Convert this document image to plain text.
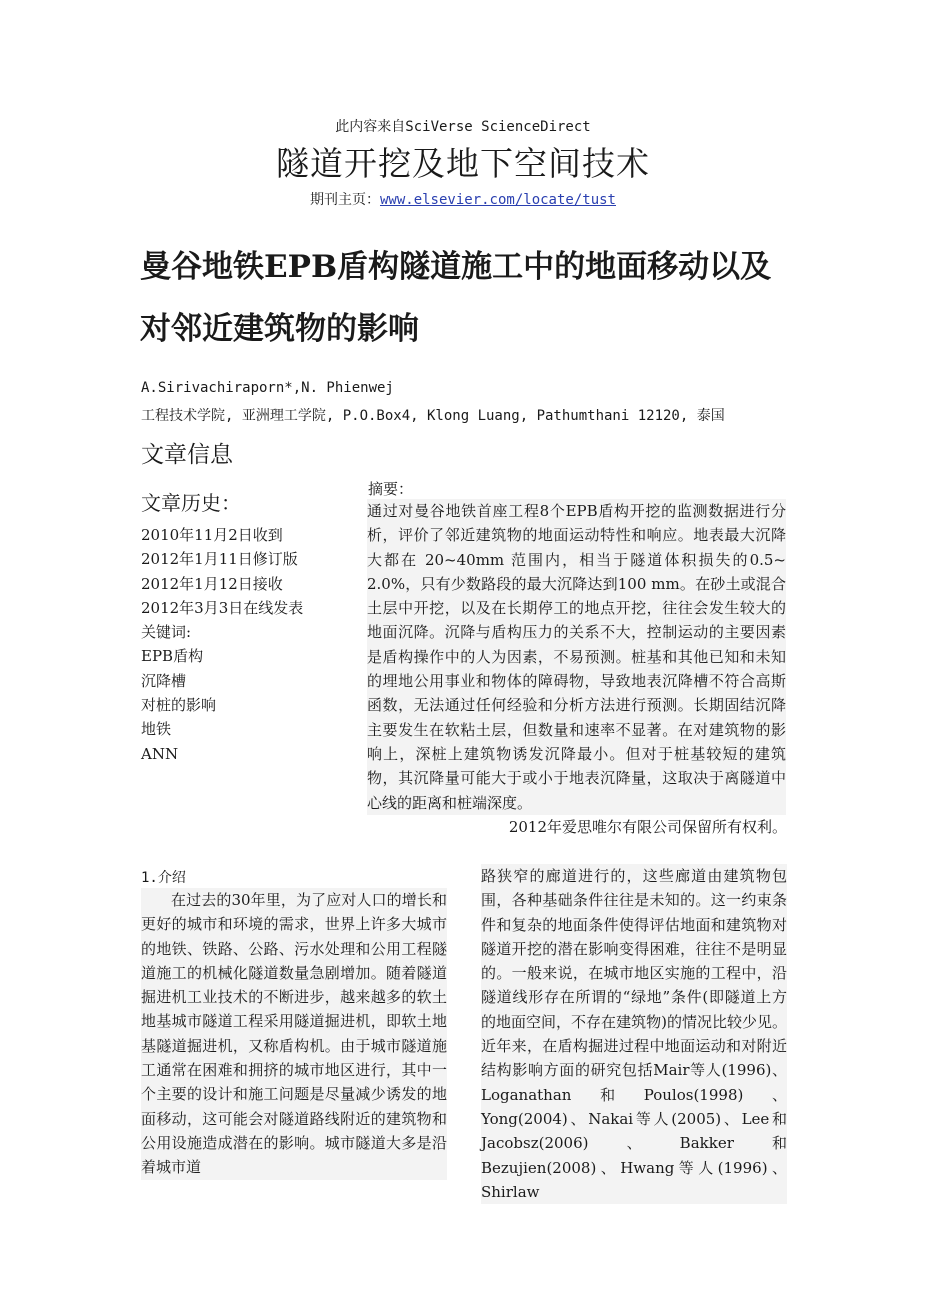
此内容来自SciVerse ScienceDirect
隧道开挖及地下空间技术
期刊主页：www.elsevier.com/locate/tust
曼谷地铁EPB盾构隧道施工中的地面移动以及对邻近建筑物的影响
A.Sirivachiraporn*,N. Phienwej
工程技术学院, 亚洲理工学院, P.O.Box4, Klong Luang, Pathumthani 12120, 泰国
文章信息
文章历史：
2010年11月2日收到
2012年1月11日修订版
2012年1月12日接收
2012年3月3日在线发表
关键词:
EPB盾构
沉降槽
对桩的影响
地铁
ANN
摘要：
通过对曼谷地铁首座工程8个EPB盾构开挖的监测数据进行分析，评价了邻近建筑物的地面运动特性和响应。地表最大沉降大都在 20~40mm 范围内，相当于隧道体积损失的0.5~ 2.0%，只有少数路段的最大沉降达到100 mm。在砂土或混合土层中开挖，以及在长期停工的地点开挖，往往会发生较大的地面沉降。沉降与盾构压力的关系不大，控制运动的主要因素是盾构操作中的人为因素，不易预测。桩基和其他已知和未知的埋地公用事业和物体的障碍物，导致地表沉降槽不符合高斯函数，无法通过任何经验和分析方法进行预测。长期固结沉降主要发生在软粘土层，但数量和速率不显著。在对建筑物的影响上，深桩上建筑物诱发沉降最小。但对于桩基较短的建筑物，其沉降量可能大于或小于地表沉降量，这取决于离隧道中心线的距离和桩端深度。
2012年爱思唯尔有限公司保留所有权利。
1.介绍
在过去的30年里，为了应对人口的增长和更好的城市和环境的需求，世界上许多大城市的地铁、铁路、公路、污水处理和公用工程隧道施工的机械化隧道数量急剧增加。随着隧道掘进机工业技术的不断进步，越来越多的软土地基城市隧道工程采用隧道掘进机，即软土地基隧道掘进机，又称盾构机。由于城市隧道施工通常在困难和拥挤的城市地区进行，其中一个主要的设计和施工问题是尽量减少诱发的地面移动，这可能会对隧道路线附近的建筑物和公用设施造成潜在的影响。城市隧道大多是沿着城市道
路狭窄的廊道进行的，这些廊道由建筑物包围，各种基础条件往往是未知的。这一约束条件和复杂的地面条件使得评估地面和建筑物对隧道开挖的潜在影响变得困难，往往不是明显的。一般来说，在城市地区实施的工程中，沿隧道线形存在所谓的“绿地”条件(即隧道上方的地面空间，不存在建筑物)的情况比较少见。近年来，在盾构掘进过程中地面运动和对附近结构影响方面的研究包括Mair等人(1996)、Loganathan和Poulos(1998)、Yong(2004)、Nakai等人(2005)、Lee和Jacobsz(2006)、Bakker和Bezujien(2008)、Hwang等人(1996)、Shirlaw
